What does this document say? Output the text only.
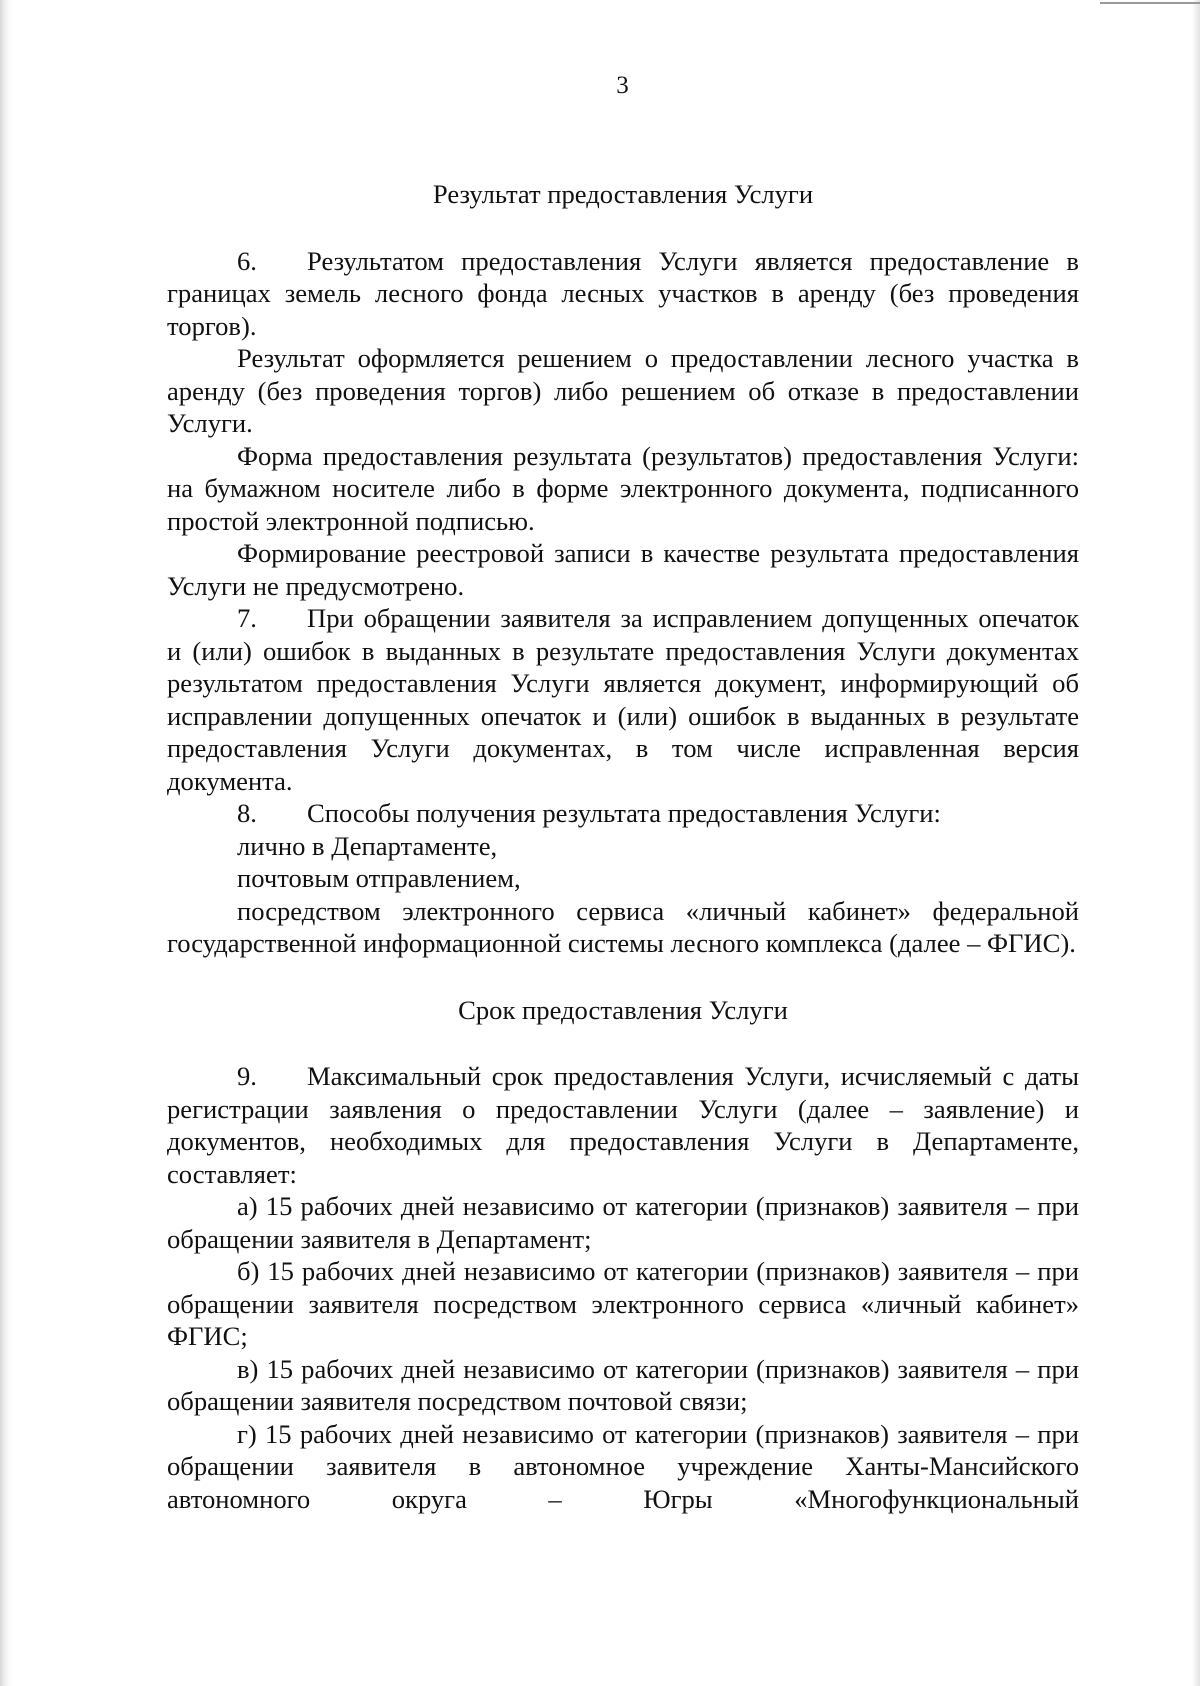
3

Результат предоставления Услуги

6. Результатом предоставления Услуги является предоставление в границах земель лесного фонда лесных участков в аренду (без проведения торгов).

Результат оформляется решением о предоставлении лесного участка в аренду (без проведения торгов) либо решением об отказе в предоставлении Услуги.

Форма предоставления результата (результатов) предоставления Услуги: на бумажном носителе либо в форме электронного документа, подписанного простой электронной подписью.

Формирование реестровой записи в качестве результата предоставления Услуги не предусмотрено.

7. При обращении заявителя за исправлением допущенных опечаток и (или) ошибок в выданных в результате предоставления Услуги документах результатом предоставления Услуги является документ, информирующий об исправлении допущенных опечаток и (или) ошибок в выданных в результате предоставления Услуги документах, в том числе исправленная версия документа.

8. Способы получения результата предоставления Услуги:

лично в Департаменте,

почтовым отправлением,

посредством электронного сервиса «личный кабинет» федеральной государственной информационной системы лесного комплекса (далее – ФГИС).

Срок предоставления Услуги

9. Максимальный срок предоставления Услуги, исчисляемый с даты регистрации заявления о предоставлении Услуги (далее – заявление) и документов, необходимых для предоставления Услуги в Департаменте, составляет:

а) 15 рабочих дней независимо от категории (признаков) заявителя – при обращении заявителя в Департамент;

б) 15 рабочих дней независимо от категории (признаков) заявителя – при обращении заявителя посредством электронного сервиса «личный кабинет» ФГИС;

в) 15 рабочих дней независимо от категории (признаков) заявителя – при обращении заявителя посредством почтовой связи;

г) 15 рабочих дней независимо от категории (признаков) заявителя – при обращении заявителя в автономное учреждение Ханты-Мансийского автономного округа – Югры «Многофункциональный
